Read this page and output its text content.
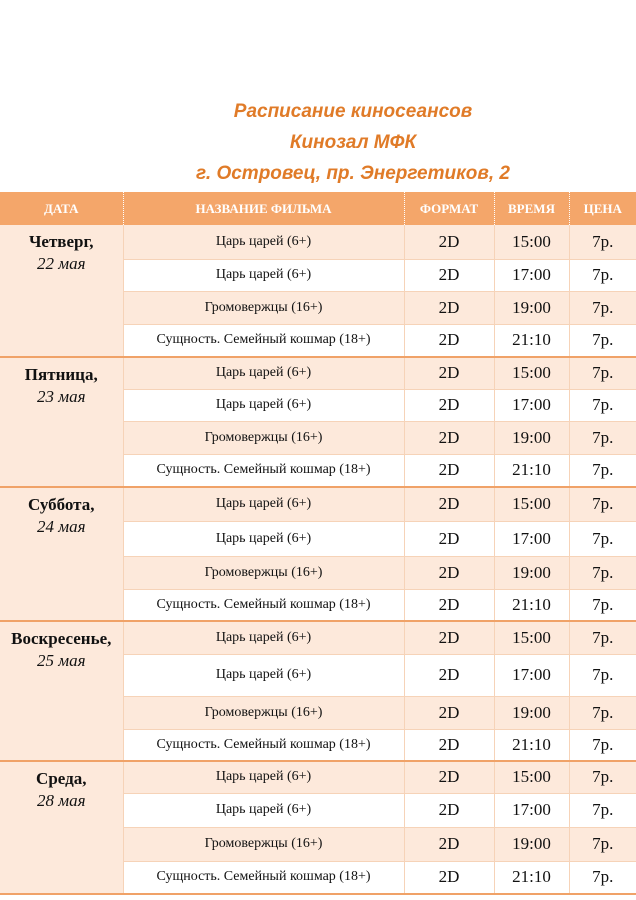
Расписание киносеансов
Кинозал МФК
г. Островец, пр. Энергетиков, 2
ДАТА	НАЗВАНИЕ ФИЛЬМА	ФОРМАТ	ВРЕМЯ	ЦЕНА

Четверг,
22 мая	Царь царей (6+)	2D	15:00	7р.
	Царь царей (6+)	2D	17:00	7р.
	Громовержцы (16+)	2D	19:00	7р.
	Сущность. Семейный кошмар (18+)	2D	21:10	7р.

Пятница,
23 мая	Царь царей (6+)	2D	15:00	7р.
	Царь царей (6+)	2D	17:00	7р.
	Громовержцы (16+)	2D	19:00	7р.
	Сущность. Семейный кошмар (18+)	2D	21:10	7р.

Суббота,
24 мая	Царь царей (6+)	2D	15:00	7р.
	Царь царей (6+)	2D	17:00	7р.
	Громовержцы (16+)	2D	19:00	7р.
	Сущность. Семейный кошмар (18+)	2D	21:10	7р.

Воскресенье,
25 мая	Царь царей (6+)	2D	15:00	7р.
	Царь царей (6+)	2D	17:00	7р.
	Громовержцы (16+)	2D	19:00	7р.
	Сущность. Семейный кошмар (18+)	2D	21:10	7р.

Среда,
28 мая	Царь царей (6+)	2D	15:00	7р.
	Царь царей (6+)	2D	17:00	7р.
	Громовержцы (16+)	2D	19:00	7р.
	Сущность. Семейный кошмар (18+)	2D	21:10	7р.
